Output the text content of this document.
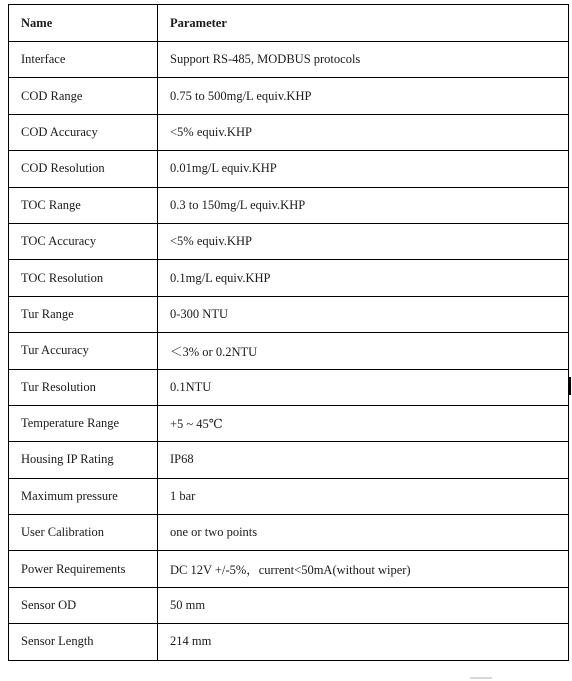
Name	Parameter
Interface	Support RS-485, MODBUS protocols
COD Range	0.75 to 500mg/L equiv.KHP
COD Accuracy	<5% equiv.KHP
COD Resolution	0.01mg/L equiv.KHP
TOC Range	0.3 to 150mg/L equiv.KHP
TOC Accuracy	<5% equiv.KHP
TOC Resolution	0.1mg/L equiv.KHP
Tur Range	0-300 NTU
Tur Accuracy	＜3% or 0.2NTU
Tur Resolution	0.1NTU
Temperature Range	+5 ~ 45℃
Housing IP Rating	IP68
Maximum pressure	1 bar
User Calibration	one or two points
Power Requirements	DC 12V +/-5%，current<50mA(without wiper)
Sensor OD	50 mm
Sensor Length	214 mm
